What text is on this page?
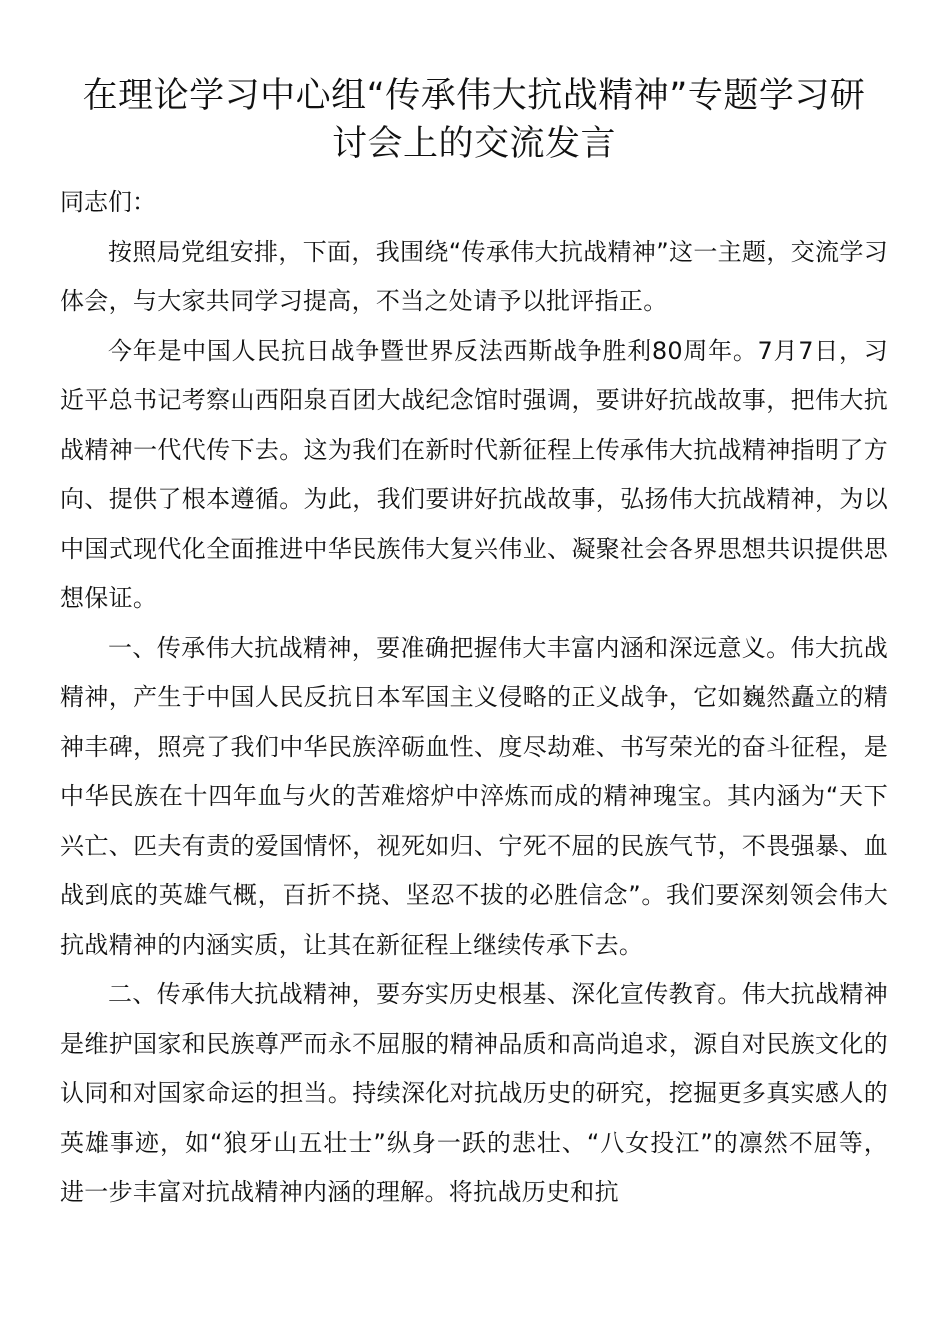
在理论学习中心组“传承伟大抗战精神”专题学习研
讨会上的交流发言

同志们：

按照局党组安排，下面，我围绕“传承伟大抗战精神”这一主题，交流学习体会，与大家共同学习提高，不当之处请予以批评指正。

今年是中国人民抗日战争暨世界反法西斯战争胜利80周年。7月7日，习近平总书记考察山西阳泉百团大战纪念馆时强调，要讲好抗战故事，把伟大抗战精神一代代传下去。这为我们在新时代新征程上传承伟大抗战精神指明了方向、提供了根本遵循。为此，我们要讲好抗战故事，弘扬伟大抗战精神，为以中国式现代化全面推进中华民族伟大复兴伟业、凝聚社会各界思想共识提供思想保证。

一、传承伟大抗战精神，要准确把握伟大丰富内涵和深远意义。伟大抗战精神，产生于中国人民反抗日本军国主义侵略的正义战争，它如巍然矗立的精神丰碑，照亮了我们中华民族淬砺血性、度尽劫难、书写荣光的奋斗征程，是中华民族在十四年血与火的苦难熔炉中淬炼而成的精神瑰宝。其内涵为“天下兴亡、匹夫有责的爱国情怀，视死如归、宁死不屈的民族气节，不畏强暴、血战到底的英雄气概，百折不挠、坚忍不拔的必胜信念”。我们要深刻领会伟大抗战精神的内涵实质，让其在新征程上继续传承下去。

二、传承伟大抗战精神，要夯实历史根基、深化宣传教育。伟大抗战精神是维护国家和民族尊严而永不屈服的精神品质和高尚追求，源自对民族文化的认同和对国家命运的担当。持续深化对抗战历史的研究，挖掘更多真实感人的英雄事迹，如“狼牙山五壮士”纵身一跃的悲壮、“八女投江”的凛然不屈等，进一步丰富对抗战精神内涵的理解。将抗战历史和抗
